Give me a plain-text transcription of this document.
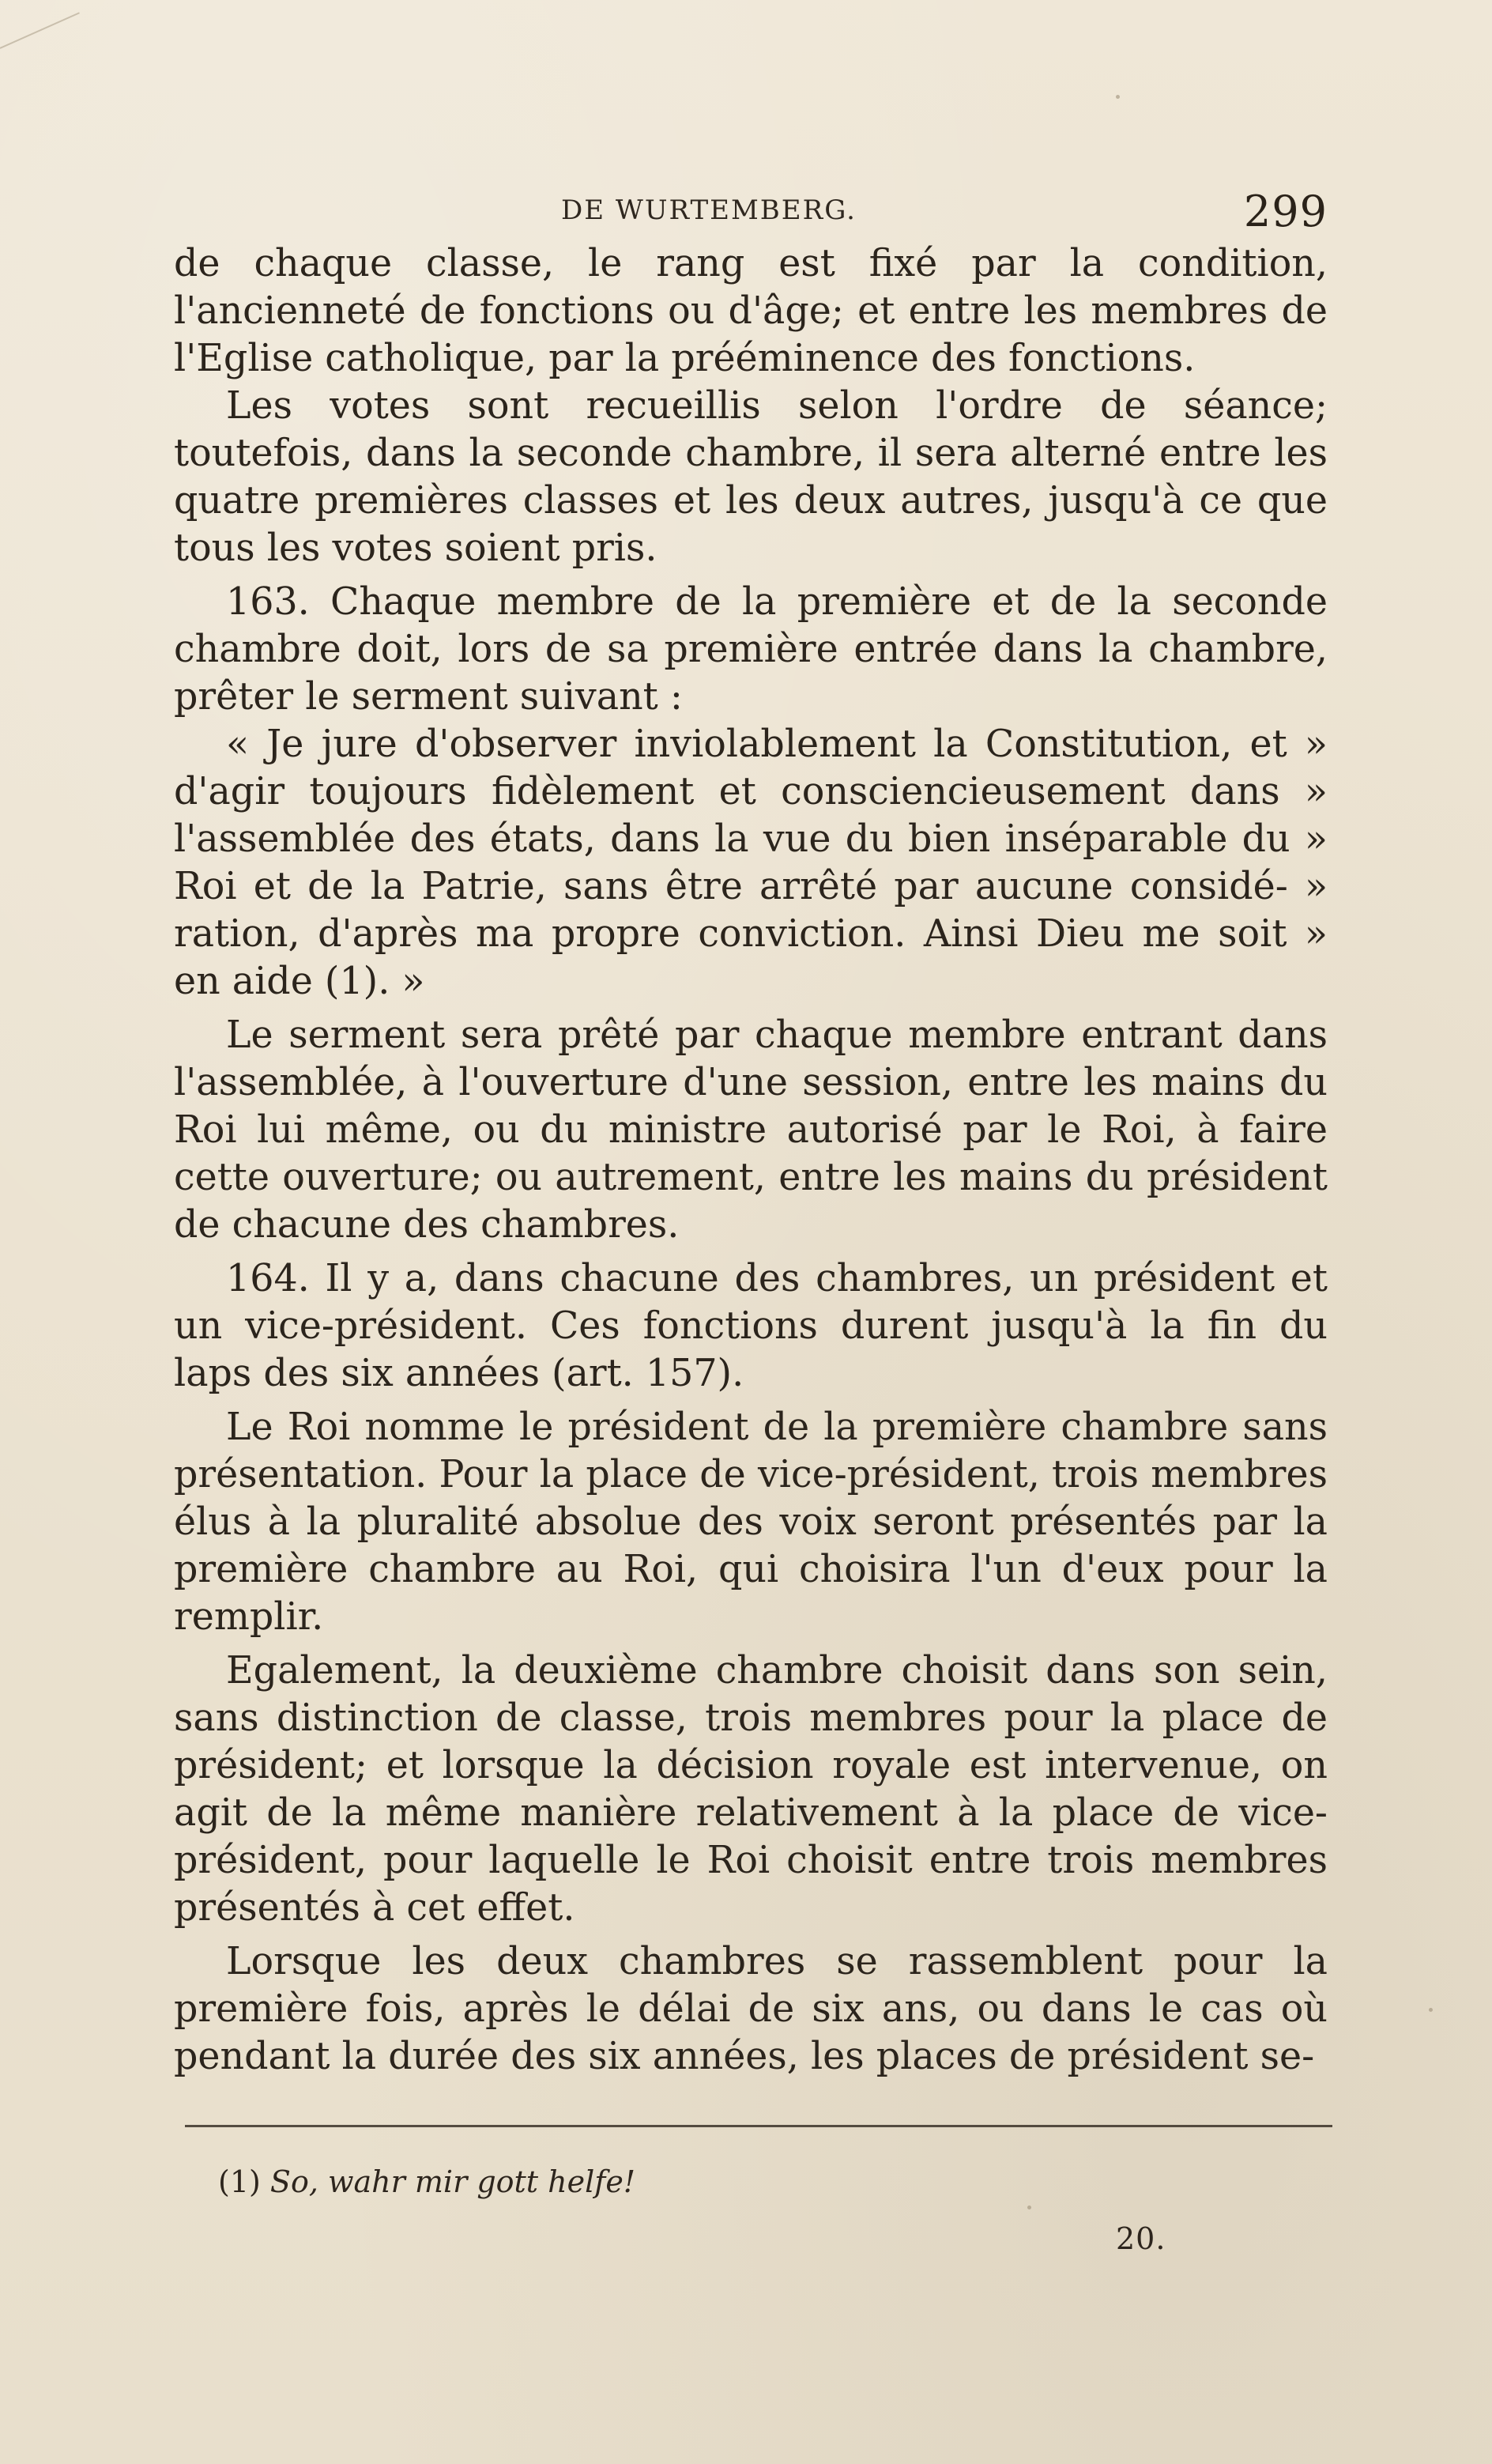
DE WURTEMBERG.	299

de chaque classe, le rang est fixé par la condition, l'ancienneté de fonctions ou d'âge; et entre les membres de l'Eglise catholique, par la prééminence des fonctions.

Les votes sont recueillis selon l'ordre de séance; toutefois, dans la seconde chambre, il sera alterné entre les quatre premières classes et les deux autres, jusqu'à ce que tous les votes soient pris.

163. Chaque membre de la première et de la seconde chambre doit, lors de sa première entrée dans la chambre, prêter le serment suivant :

« Je jure d'observer inviolablement la Constitution, et » d'agir toujours fidèlement et consciencieusement dans » l'assemblée des états, dans la vue du bien inséparable du » Roi et de la Patrie, sans être arrêté par aucune considé- » ration, d'après ma propre conviction. Ainsi Dieu me soit » en aide (1). »

Le serment sera prêté par chaque membre entrant dans l'assemblée, à l'ouverture d'une session, entre les mains du Roi lui même, ou du ministre autorisé par le Roi, à faire cette ouverture; ou autrement, entre les mains du président de chacune des chambres.

164. Il y a, dans chacune des chambres, un président et un vice-président. Ces fonctions durent jusqu'à la fin du laps des six années (art. 157).

Le Roi nomme le président de la première chambre sans présentation. Pour la place de vice-président, trois membres élus à la pluralité absolue des voix seront présentés par la première chambre au Roi, qui choisira l'un d'eux pour la remplir.

Egalement, la deuxième chambre choisit dans son sein, sans distinction de classe, trois membres pour la place de président; et lorsque la décision royale est intervenue, on agit de la même manière relativement à la place de vice-président, pour laquelle le Roi choisit entre trois membres présentés à cet effet.

Lorsque les deux chambres se rassemblent pour la première fois, après le délai de six ans, ou dans le cas où pendant la durée des six années, les places de président se-

(1) So, wahr mir gott helfe!
20.
